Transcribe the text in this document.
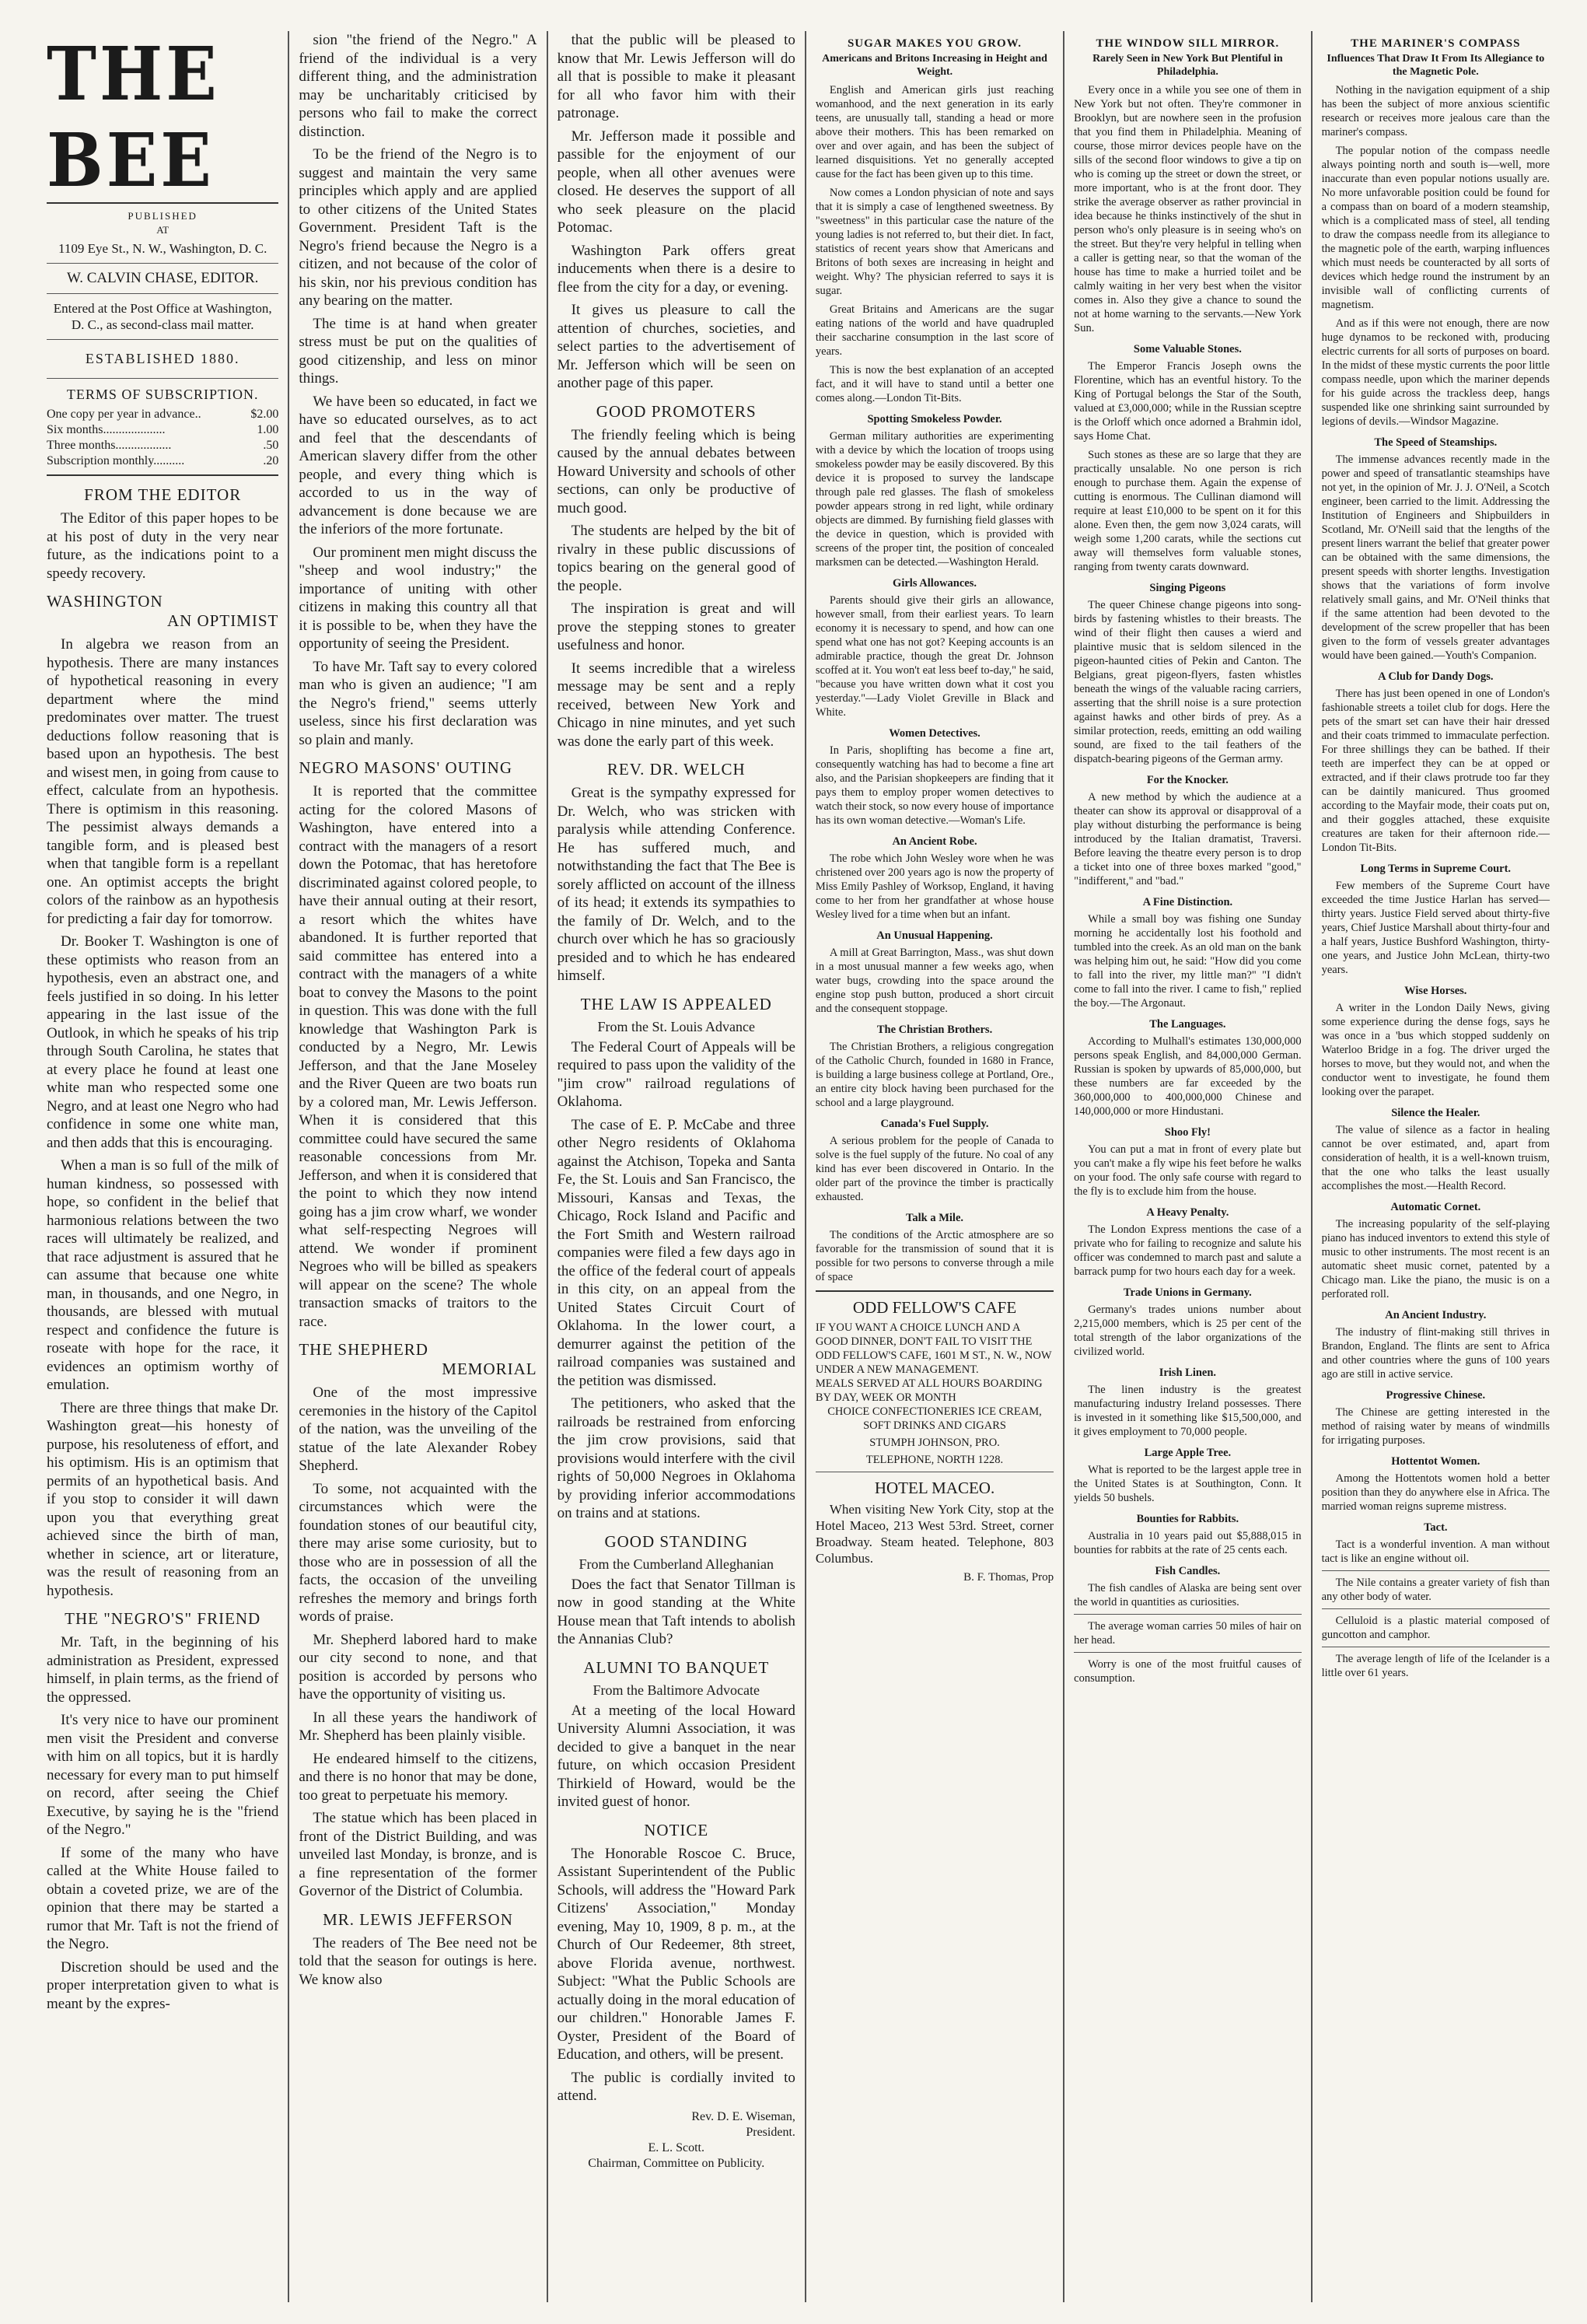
THE BEE
PUBLISHED
AT
1109 Eye St., N. W., Washington, D. C.
W. CALVIN CHASE, EDITOR.
Entered at the Post Office at Washington, D. C., as second-class mail matter.
ESTABLISHED 1880.
TERMS OF SUBSCRIPTION.
One copy per year in advance..	$2.00
Six months....................	1.00
Three months..................	.50
Subscription monthly..........	.20
FROM THE EDITOR

The Editor of this paper hopes to be at his post of duty in the very near future, as the indications point to a speedy recovery.

WASHINGTON
AN OPTIMIST

In algebra we reason from an hypothesis. There are many instances of hypothetical reasoning in every department where the mind predominates over matter. The truest deductions follow reasoning that is based upon an hypothesis. The best and wisest men, in going from cause to effect, calculate from an hypothesis. There is optimism in this reasoning. The pessimist always demands a tangible form, and is pleased best when that tangible form is a repellant one. An optimist accepts the bright colors of the rainbow as an hypothesis for predicting a fair day for tomorrow.

Dr. Booker T. Washington is one of these optimists who reason from an hypothesis, even an abstract one, and feels justified in so doing. In his letter appearing in the last issue of the Outlook, in which he speaks of his trip through South Carolina, he states that at every place he found at least one white man who respected some one Negro, and at least one Negro who had confidence in some one white man, and then adds that this is encouraging.

When a man is so full of the milk of human kindness, so possessed with hope, so confident in the belief that harmonious relations between the two races will ultimately be realized, and that race adjustment is assured that he can assume that because one white man, in thousands, and one Negro, in thousands, are blessed with mutual respect and confidence the future is roseate with hope for the race, it evidences an optimism worthy of emulation.

There are three things that make Dr. Washington great—his honesty of purpose, his resoluteness of effort, and his optimism. His is an optimism that permits of an hypothetical basis. And if you stop to consider it will dawn upon you that everything great achieved since the birth of man, whether in science, art or literature, was the result of reasoning from an hypothesis.

THE "NEGRO'S" FRIEND

Mr. Taft, in the beginning of his administration as President, expressed himself, in plain terms, as the friend of the oppressed.

It's very nice to have our prominent men visit the President and converse with him on all topics, but it is hardly necessary for every man to put himself on record, after seeing the Chief Executive, by saying he is the "friend of the Negro."

If some of the many who have called at the White House failed to obtain a coveted prize, we are of the opinion that there may be started a rumor that Mr. Taft is not the friend of the Negro.

Discretion should be used and the proper interpretation given to what is meant by the expres-

sion "the friend of the Negro." A friend of the individual is a very different thing, and the administration may be uncharitably criticised by persons who fail to make the correct distinction.

To be the friend of the Negro is to suggest and maintain the very same principles which apply and are applied to other citizens of the United States Government. President Taft is the Negro's friend because the Negro is a citizen, and not because of the color of his skin, nor his previous condition has any bearing on the matter.

The time is at hand when greater stress must be put on the qualities of good citizenship, and less on minor things.

We have been so educated, in fact we have so educated ourselves, as to act and feel that the descendants of American slavery differ from the other people, and every thing which is accorded to us in the way of advancement is done because we are the inferiors of the more fortunate.

Our prominent men might discuss the "sheep and wool industry;" the importance of uniting with other citizens in making this country all that it is possible to be, when they have the opportunity of seeing the President.

To have Mr. Taft say to every colored man who is given an audience; "I am the Negro's friend," seems utterly useless, since his first declaration was so plain and manly.

NEGRO MASONS' OUTING

It is reported that the committee acting for the colored Masons of Washington, have entered into a contract with the managers of a resort down the Potomac, that has heretofore discriminated against colored people, to have their annual outing at their resort, a resort which the whites have abandoned. It is further reported that said committee has entered into a contract with the managers of a white boat to convey the Masons to the point in question. This was done with the full knowledge that Washington Park is conducted by a Negro, Mr. Lewis Jefferson, and that the Jane Moseley and the River Queen are two boats run by a colored man, Mr. Lewis Jefferson. When it is considered that this committee could have secured the same reasonable concessions from Mr. Jefferson, and when it is considered that the point to which they now intend going has a jim crow wharf, we wonder what self-respecting Negroes will attend. We wonder if prominent Negroes who will be billed as speakers will appear on the scene? The whole transaction smacks of traitors to the race.

THE SHEPHERD
MEMORIAL

One of the most impressive ceremonies in the history of the Capitol of the nation, was the unveiling of the statue of the late Alexander Robey Shepherd.

To some, not acquainted with the circumstances which were the foundation stones of our beautiful city, there may arise some curiosity, but to those who are in possession of all the facts, the occasion of the unveiling refreshes the memory and brings forth words of praise.

Mr. Shepherd labored hard to make our city second to none, and that position is accorded by persons who have the opportunity of visiting us.

In all these years the handiwork of Mr. Shepherd has been plainly visible.

He endeared himself to the citizens, and there is no honor that may be done, too great to perpetuate his memory.

The statue which has been placed in front of the District Building, and was unveiled last Monday, is bronze, and is a fine representation of the former Governor of the District of Columbia.

MR. LEWIS JEFFERSON

The readers of The Bee need not be told that the season for outings is here. We know also

that the public will be pleased to know that Mr. Lewis Jefferson will do all that is possible to make it pleasant for all who favor him with their patronage.

Mr. Jefferson made it possible and passible for the enjoyment of our people, when all other avenues were closed. He deserves the support of all who seek pleasure on the placid Potomac.

Washington Park offers great inducements when there is a desire to flee from the city for a day, or evening.

It gives us pleasure to call the attention of churches, societies, and select parties to the advertisement of Mr. Jefferson which will be seen on another page of this paper.

GOOD PROMOTERS

The friendly feeling which is being caused by the annual debates between Howard University and schools of other sections, can only be productive of much good.

The students are helped by the bit of rivalry in these public discussions of topics bearing on the general good of the people.

The inspiration is great and will prove the stepping stones to greater usefulness and honor.

It seems incredible that a wireless message may be sent and a reply received, between New York and Chicago in nine minutes, and yet such was done the early part of this week.

REV. DR. WELCH

Great is the sympathy expressed for Dr. Welch, who was stricken with paralysis while attending Conference. He has suffered much, and notwithstanding the fact that The Bee is sorely afflicted on account of the illness of its head; it extends its sympathies to the family of Dr. Welch, and to the church over which he has so graciously presided and to which he has endeared himself.

THE LAW IS APPEALED
From the St. Louis Advance

The Federal Court of Appeals will be required to pass upon the validity of the "jim crow" railroad regulations of Oklahoma.

The case of E. P. McCabe and three other Negro residents of Oklahoma against the Atchison, Topeka and Santa Fe, the St. Louis and San Francisco, the Missouri, Kansas and Texas, the Chicago, Rock Island and Pacific and the Fort Smith and Western railroad companies were filed a few days ago in the office of the federal court of appeals in this city, on an appeal from the United States Circuit Court of Oklahoma. In the lower court, a demurrer against the petition of the railroad companies was sustained and the petition was dismissed.

The petitioners, who asked that the railroads be restrained from enforcing the jim crow provisions, said that provisions would interfere with the civil rights of 50,000 Negroes in Oklahoma by providing inferior accommodations on trains and at stations.

GOOD STANDING
From the Cumberland Alleghanian

Does the fact that Senator Tillman is now in good standing at the White House mean that Taft intends to abolish the Annanias Club?

ALUMNI TO BANQUET
From the Baltimore Advocate

At a meeting of the local Howard University Alumni Association, it was decided to give a banquet in the near future, on which occasion President Thirkield of Howard, would be the invited guest of honor.

NOTICE

The Honorable Roscoe C. Bruce, Assistant Superintendent of the Public Schools, will address the "Howard Park Citizens' Association," Monday evening, May 10, 1909, 8 p. m., at the Church of Our Redeemer, 8th street, above Florida avenue, northwest. Subject: "What the Public Schools are actually doing in the moral education of our children." Honorable James F. Oyster, President of the Board of Education, and others, will be present.

The public is cordially invited to attend.

Rev. D. E. Wiseman,
President.
E. L. Scott.
Chairman, Committee on Publicity.
SUGAR MAKES YOU GROW.
Americans and Britons Increasing in Height and Weight.

English and American girls just reaching womanhood, and the next generation in its early teens, are unusually tall, standing a head or more above their mothers. This has been remarked on over and over again, and has been the subject of learned disquisitions. Yet no generally accepted cause for the fact has been given up to this time.

Now comes a London physician of note and says that it is simply a case of lengthened sweetness. By "sweetness" in this particular case the nature of the young ladies is not referred to, but their diet. In fact, statistics of recent years show that Americans and Britons of both sexes are increasing in height and weight. Why? The physician referred to says it is sugar.

Great Britains and Americans are the sugar eating nations of the world and have quadrupled their saccharine consumption in the last score of years.

This is now the best explanation of an accepted fact, and it will have to stand until a better one comes along.—London Tit-Bits.

Spotting Smokeless Powder.

German military authorities are experimenting with a device by which the location of troops using smokeless powder may be easily discovered. By this device it is proposed to survey the landscape through pale red glasses. The flash of smokeless powder appears strong in red light, while ordinary objects are dimmed. By furnishing field glasses with the device in question, which is provided with screens of the proper tint, the position of concealed marksmen can be detected.—Washington Herald.

Girls Allowances.

Parents should give their girls an allowance, however small, from their earliest years. To learn economy it is necessary to spend, and how can one spend what one has not got? Keeping accounts is an admirable practice, though the great Dr. Johnson scoffed at it. You won't eat less beef to-day," he said, "because you have written down what it cost you yesterday."—Lady Violet Greville in Black and White.

Women Detectives.

In Paris, shoplifting has become a fine art, consequently watching has had to become a fine art also, and the Parisian shopkeepers are finding that it pays them to employ proper women detectives to watch their stock, so now every house of importance has its own woman detective.—Woman's Life.

An Ancient Robe.

The robe which John Wesley wore when he was christened over 200 years ago is now the property of Miss Emily Pashley of Worksop, England, it having come to her from her grandfather at whose house Wesley lived for a time when but an infant.

An Unusual Happening.

A mill at Great Barrington, Mass., was shut down in a most unusual manner a few weeks ago, when water bugs, crowding into the space around the engine stop push button, produced a short circuit and the consequent stoppage.

The Christian Brothers.

The Christian Brothers, a religious congregation of the Catholic Church, founded in 1680 in France, is building a large business college at Portland, Ore., an entire city block having been purchased for the school and a large playground.

Canada's Fuel Supply.

A serious problem for the people of Canada to solve is the fuel supply of the future. No coal of any kind has ever been discovered in Ontario. In the older part of the province the timber is practically exhausted.

Talk a Mile.

The conditions of the Arctic atmosphere are so favorable for the transmission of sound that it is possible for two persons to converse through a mile of space

ODD FELLOW'S CAFE

IF YOU WANT A CHOICE LUNCH AND A GOOD DINNER, DON'T FAIL TO VISIT THE ODD FELLOW'S CAFE, 1601 M ST., N. W., NOW UNDER A NEW MANAGEMENT.

MEALS SERVED AT ALL HOURS BOARDING BY DAY, WEEK OR MONTH

CHOICE CONFECTIONERIES ICE CREAM, SOFT DRINKS AND CIGARS

STUMPH JOHNSON, PRO.

TELEPHONE, NORTH 1228.

HOTEL MACEO.

When visiting New York City, stop at the Hotel Maceo, 213 West 53rd. Street, corner Broadway. Steam heated. Telephone, 803 Columbus.

B. F. Thomas, Prop
THE WINDOW SILL MIRROR.
Rarely Seen in New York But Plentiful in Philadelphia.

Every once in a while you see one of them in New York but not often. They're commoner in Brooklyn, but are nowhere seen in the profusion that you find them in Philadelphia. Meaning of course, those mirror devices people have on the sills of the second floor windows to give a tip on who is coming up the street or down the street, or more important, who is at the front door. They strike the average observer as rather provincial in idea because he thinks instinctively of the shut in person who's only pleasure is in seeing who's on the street. But they're very helpful in telling when a caller is getting near, so that the woman of the house has time to make a hurried toilet and be calmly waiting in her very best when the visitor comes in. Also they give a chance to sound the not at home warning to the servants.—New York Sun.

Some Valuable Stones.

The Emperor Francis Joseph owns the Florentine, which has an eventful history. To the King of Portugal belongs the Star of the South, valued at £3,000,000; while in the Russian sceptre is the Orloff which once adorned a Brahmin idol, says Home Chat.

Such stones as these are so large that they are practically unsalable. No one person is rich enough to purchase them. Again the expense of cutting is enormous. The Cullinan diamond will require at least £10,000 to be spent on it for this alone. Even then, the gem now 3,024 carats, will weigh some 1,200 carats, while the sections cut away will themselves form valuable stones, ranging from twenty carats downward.

Singing Pigeons

The queer Chinese change pigeons into song-birds by fastening whistles to their breasts. The wind of their flight then causes a wierd and plaintive music that is seldom silenced in the pigeon-haunted cities of Pekin and Canton. The Belgians, great pigeon-flyers, fasten whistles beneath the wings of the valuable racing carriers, asserting that the shrill noise is a sure protection against hawks and other birds of prey. As a similar protection, reeds, emitting an odd wailing sound, are fixed to the tail feathers of the dispatch-bearing pigeons of the German army.

For the Knocker.

A new method by which the audience at a theater can show its approval or disapproval of a play without disturbing the performance is being introduced by the Italian dramatist, Traversi. Before leaving the theatre every person is to drop a ticket into one of three boxes marked "good," "indifferent," and "bad."

A Fine Distinction.

While a small boy was fishing one Sunday morning he accidentally lost his foothold and tumbled into the creek. As an old man on the bank was helping him out, he said: "How did you come to fall into the river, my little man?" "I didn't come to fall into the river. I came to fish," replied the boy.—The Argonaut.

The Languages.

According to Mulhall's estimates 130,000,000 persons speak English, and 84,000,000 German. Russian is spoken by upwards of 85,000,000, but these numbers are far exceeded by the 360,000,000 to 400,000,000 Chinese and 140,000,000 or more Hindustani.

Shoo Fly!

You can put a mat in front of every plate but you can't make a fly wipe his feet before he walks on your food. The only safe course with regard to the fly is to exclude him from the house.

A Heavy Penalty.

The London Express mentions the case of a private who for failing to recognize and salute his officer was condemned to march past and salute a barrack pump for two hours each day for a week.

Trade Unions in Germany.

Germany's trades unions number about 2,215,000 members, which is 25 per cent of the total strength of the labor organizations of the civilized world.

Irish Linen.

The linen industry is the greatest manufacturing industry Ireland possesses. There is invested in it something like $15,500,000, and it gives employment to 70,000 people.

Large Apple Tree.

What is reported to be the largest apple tree in the United States is at Southington, Conn. It yields 50 bushels.

Bounties for Rabbits.

Australia in 10 years paid out $5,888,015 in bounties for rabbits at the rate of 25 cents each.

Fish Candles.

The fish candles of Alaska are being sent over the world in quantities as curiosities.

The average woman carries 50 miles of hair on her head.

Worry is one of the most fruitful causes of consumption.

THE MARINER'S COMPASS
Influences That Draw It From Its Allegiance to the Magnetic Pole.

Nothing in the navigation equipment of a ship has been the subject of more anxious scientific research or receives more jealous care than the mariner's compass.

The popular notion of the compass needle always pointing north and south is—well, more inaccurate than even popular notions usually are. No more unfavorable position could be found for a compass than on board of a modern steamship, which is a complicated mass of steel, all tending to draw the compass needle from its allegiance to the magnetic pole of the earth, warping influences which must needs be counteracted by all sorts of devices which hedge round the instrument by an invisible wall of conflicting currents of magnetism.

And as if this were not enough, there are now huge dynamos to be reckoned with, producing electric currents for all sorts of purposes on board. In the midst of these mystic currents the poor little compass needle, upon which the mariner depends for his guide across the trackless deep, hangs suspended like one shrinking saint surrounded by legions of devils.—Windsor Magazine.

The Speed of Steamships.

The immense advances recently made in the power and speed of transatlantic steamships have not yet, in the opinion of Mr. J. J. O'Neil, a Scotch engineer, been carried to the limit. Addressing the Institution of Engineers and Shipbuilders in Scotland, Mr. O'Neill said that the lengths of the present liners warrant the belief that greater power can be obtained with the same dimensions, the present speeds with shorter lengths. Investigation shows that the variations of form involve relatively small gains, and Mr. O'Neil thinks that if the same attention had been devoted to the development of the screw propeller that has been given to the form of vessels greater advantages would have been gained.—Youth's Companion.

A Club for Dandy Dogs.

There has just been opened in one of London's fashionable streets a toilet club for dogs. Here the pets of the smart set can have their hair dressed and their coats trimmed to immaculate perfection. For three shillings they can be bathed. If their teeth are imperfect they can be at opped or extracted, and if their claws protrude too far they can be daintily manicured. Thus groomed according to the Mayfair mode, their coats put on, and their goggles attached, these exquisite creatures are taken for their afternoon ride.—London Tit-Bits.

Long Terms in Supreme Court.

Few members of the Supreme Court have exceeded the time Justice Harlan has served—thirty years. Justice Field served about thirty-five years, Chief Justice Marshall about thirty-four and a half years, Justice Bushford Washington, thirty-one years, and Justice John McLean, thirty-two years.

Wise Horses.

A writer in the London Daily News, giving some experience during the dense fogs, says he was once in a 'bus which stopped suddenly on Waterloo Bridge in a fog. The driver urged the horses to move, but they would not, and when the conductor went to investigate, he found them looking over the parapet.

Silence the Healer.

The value of silence as a factor in healing cannot be over estimated, and, apart from consideration of health, it is a well-known truism, that the one who talks the least usually accomplishes the most.—Health Record.

Automatic Cornet.

The increasing popularity of the self-playing piano has induced inventors to extend this style of music to other instruments. The most recent is an automatic sheet music cornet, patented by a Chicago man. Like the piano, the music is on a perforated roll.

An Ancient Industry.

The industry of flint-making still thrives in Brandon, England. The flints are sent to Africa and other countries where the guns of 100 years ago are still in active service.

Progressive Chinese.

The Chinese are getting interested in the method of raising water by means of windmills for irrigating purposes.

Hottentot Women.

Among the Hottentots women hold a better position than they do anywhere else in Africa. The married woman reigns supreme mistress.

Tact.

Tact is a wonderful invention. A man without tact is like an engine without oil.

The Nile contains a greater variety of fish than any other body of water.

Celluloid is a plastic material composed of guncotton and camphor.

The average length of life of the Icelander is a little over 61 years.
